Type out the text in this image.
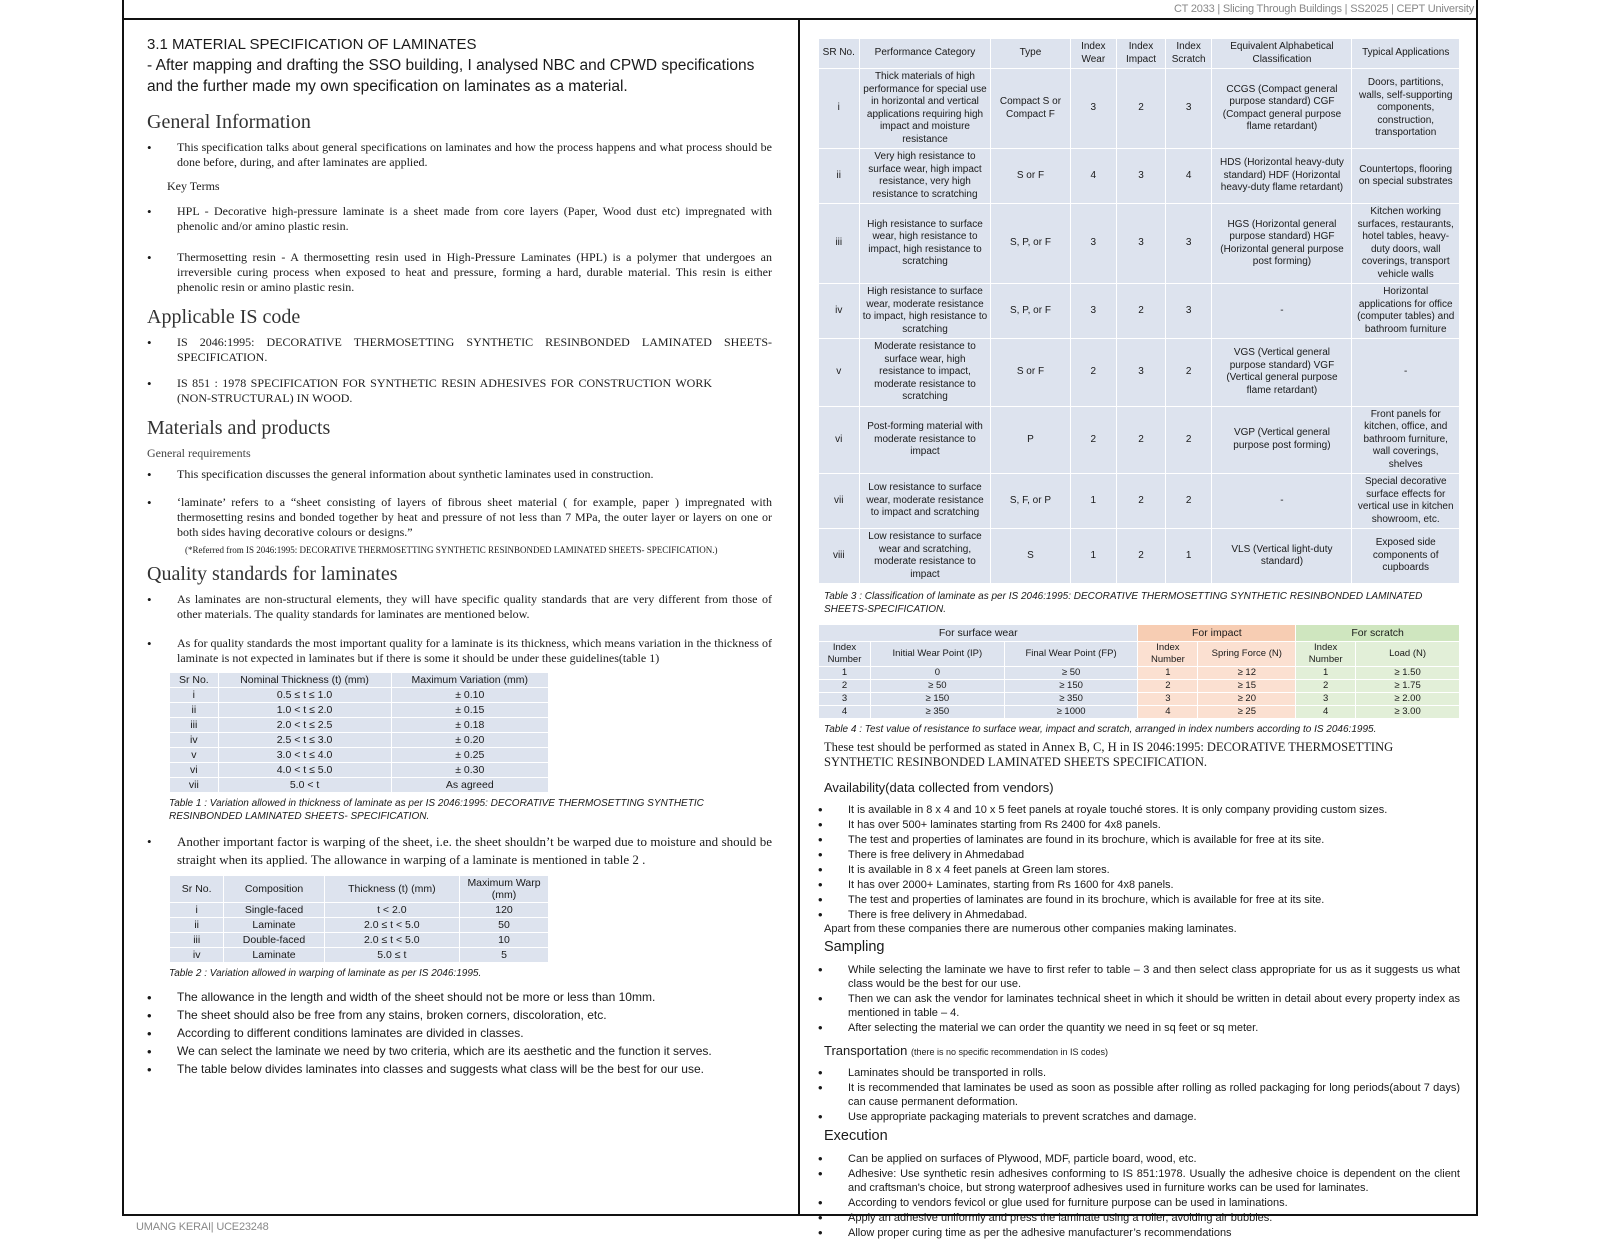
CT 2033 | Slicing Through Buildings | SS2025 | CEPT University
UMANG KERAI| UCE23248
3.1 MATERIAL SPECIFICATION OF LAMINATES

- After mapping and drafting the SSO building, I analysed NBC and CPWD specifications and the further made my own specification on laminates as a material.

General Information
• This specification talks about general specifications on laminates and how the process happens and what process should be done before, during, and after laminates are applied.
Key Terms
• HPL - Decorative high-pressure laminate is a sheet made from core layers (Paper, Wood dust etc) impregnated with phenolic and/or amino plastic resin.
• Thermosetting resin - A thermosetting resin used in High-Pressure Laminates (HPL) is a polymer that undergoes an irreversible curing process when exposed to heat and pressure, forming a hard, durable material. This resin is either phenolic resin or amino plastic resin.
Applicable IS code
• IS 2046:1995: DECORATIVE THERMOSETTING SYNTHETIC RESINBONDED LAMINATED SHEETS- SPECIFICATION.
• IS 851 : 1978 SPECIFICATION FOR SYNTHETIC RESIN ADHESIVES FOR CONSTRUCTION WORK (NON-STRUCTURAL) IN WOOD.
Materials and products
General requirements
• This specification discusses the general information about synthetic laminates used in construction.
• ‘laminate’ refers to a “sheet consisting of layers of fibrous sheet material ( for example, paper ) impregnated with thermosetting resins and bonded together by heat and pressure of not less than 7 MPa, the outer layer or layers on one or both sides having decorative colours or designs.”
(*Referred from IS 2046:1995: DECORATIVE THERMOSETTING SYNTHETIC RESINBONDED LAMINATED SHEETS- SPECIFICATION.)
Quality standards for laminates
• As laminates are non-structural elements, they will have specific quality standards that are very different from those of other materials. The quality standards for laminates are mentioned below.
• As for quality standards the most important quality for a laminate is its thickness, which means variation in the thickness of laminate is not expected in laminates but if there is some it should be under these guidelines(table 1)
Sr No.	Nominal Thickness (t) (mm)	Maximum Variation (mm)
i	0.5 ≤ t ≤ 1.0	± 0.10
ii	1.0 < t ≤ 2.0	± 0.15
iii	2.0 < t ≤ 2.5	± 0.18
iv	2.5 < t ≤ 3.0	± 0.20
v	3.0 < t ≤ 4.0	± 0.25
vi	4.0 < t ≤ 5.0	± 0.30
vii	5.0 < t	As agreed
Table 1 : Variation allowed in thickness of laminate as per IS 2046:1995: DECORATIVE THERMOSETTING SYNTHETIC RESINBONDED LAMINATED SHEETS- SPECIFICATION.
• Another important factor is warping of the sheet, i.e. the sheet shouldn’t be warped due to moisture and should be straight when its applied. The allowance in warping of a laminate is mentioned in table 2 .
Sr No.	Composition	Thickness (t) (mm)	Maximum Warp (mm)
i	Single-faced	t < 2.0	120
ii	Laminate	2.0 ≤ t < 5.0	50
iii	Double-faced	2.0 ≤ t < 5.0	10
iv	Laminate	5.0 ≤ t	5
Table 2 : Variation allowed in warping of laminate as per IS 2046:1995.
• The allowance in the length and width of the sheet should not be more or less than 10mm.
• The sheet should also be free from any stains, broken corners, discoloration, etc.
• According to different conditions laminates are divided in classes.
• We can select the laminate we need by two criteria, which are its aesthetic and the function it serves.
• The table below divides laminates into classes and suggests what class will be the best for our use.
SR No.	Performance Category	Type	Index Wear	Index Impact	Index Scratch	Equivalent Alphabetical Classification	Typical Applications
i	Thick materials of high performance for special use in horizontal and vertical applications requiring high impact and moisture resistance	Compact S or Compact F	3	2	3	CCGS (Compact general purpose standard) CGF (Compact general purpose flame retardant)	Doors, partitions, walls, self-supporting components, construction, transportation
ii	Very high resistance to surface wear, high impact resistance, very high resistance to scratching	S or F	4	3	4	HDS (Horizontal heavy-duty standard) HDF (Horizontal heavy-duty flame retardant)	Countertops, flooring on special substrates
iii	High resistance to surface wear, high resistance to impact, high resistance to scratching	S, P, or F	3	3	3	HGS (Horizontal general purpose standard) HGF (Horizontal general purpose post forming)	Kitchen working surfaces, restaurants, hotel tables, heavy-duty doors, wall coverings, transport vehicle walls
iv	High resistance to surface wear, moderate resistance to impact, high resistance to scratching	S, P, or F	3	2	3	-	Horizontal applications for office (computer tables) and bathroom furniture
v	Moderate resistance to surface wear, high resistance to impact, moderate resistance to scratching	S or F	2	3	2	VGS (Vertical general purpose standard) VGF (Vertical general purpose flame retardant)	-
vi	Post-forming material with moderate resistance to impact	P	2	2	2	VGP (Vertical general purpose post forming)	Front panels for kitchen, office, and bathroom furniture, wall coverings, shelves
vii	Low resistance to surface wear, moderate resistance to impact and scratching	S, F, or P	1	2	2	-	Special decorative surface effects for vertical use in kitchen showroom, etc.
viii	Low resistance to surface wear and scratching, moderate resistance to impact	S	1	2	1	VLS (Vertical light-duty standard)	Exposed side components of cupboards
Table 3 : Classification of laminate as per IS 2046:1995: DECORATIVE THERMOSETTING SYNTHETIC RESINBONDED LAMINATED SHEETS-SPECIFICATION.
For surface wear			For impact		For scratch	
Index Number	Initial Wear Point (IP)	Final Wear Point (FP)	Index Number	Spring Force (N)	Index Number	Load (N)
1	0	≥ 50	1	≥ 12	1	≥ 1.50
2	≥ 50	≥ 150	2	≥ 15	2	≥ 1.75
3	≥ 150	≥ 350	3	≥ 20	3	≥ 2.00
4	≥ 350	≥ 1000	4	≥ 25	4	≥ 3.00
Table 4 : Test value of resistance to surface wear, impact and scratch, arranged in index numbers according to IS 2046:1995.

These test should be performed as stated in Annex B, C, H in IS 2046:1995: DECORATIVE THERMOSETTING SYNTHETIC RESINBONDED LAMINATED SHEETS SPECIFICATION.

Availability(data collected from vendors)
• It is available in 8 x 4 and 10 x 5 feet panels at royale touché stores. It is only company providing custom sizes.
• It has over 500+ laminates starting from Rs 2400 for 4x8 panels.
• The test and properties of laminates are found in its brochure, which is available for free at its site.
• There is free delivery in Ahmedabad
• It is available in 8 x 4 feet panels at Green lam stores.
• It has over 2000+ Laminates, starting from Rs 1600 for 4x8 panels.
• The test and properties of laminates are found in its brochure, which is available for free at its site.
• There is free delivery in Ahmedabad.
Apart from these companies there are numerous other companies making laminates.
Sampling
• While selecting the laminate we have to first refer to table – 3 and then select class appropriate for us as it suggests us what class would be the best for our use.
• Then we can ask the vendor for laminates technical sheet in which it should be written in detail about every property index as mentioned in table – 4.
• After selecting the material we can order the quantity we need in sq feet or sq meter.
Transportation (there is no specific recommendation in IS codes)
• Laminates should be transported in rolls.
• It is recommended that laminates be used as soon as possible after rolling as rolled packaging for long periods(about 7 days) can cause permanent deformation.
• Use appropriate packaging materials to prevent scratches and damage.
Execution
• Can be applied on surfaces of Plywood, MDF, particle board, wood, etc.
• Adhesive: Use synthetic resin adhesives conforming to IS 851:1978. Usually the adhesive choice is dependent on the client and craftsman's choice, but strong waterproof adhesives used in furniture works can be used for laminates.
• According to vendors fevicol or glue used for furniture purpose can be used in laminations.
• Apply an adhesive uniformly and press the laminate using a roller, avoiding air bubbles.
• Allow proper curing time as per the adhesive manufacturer’s recommendations
